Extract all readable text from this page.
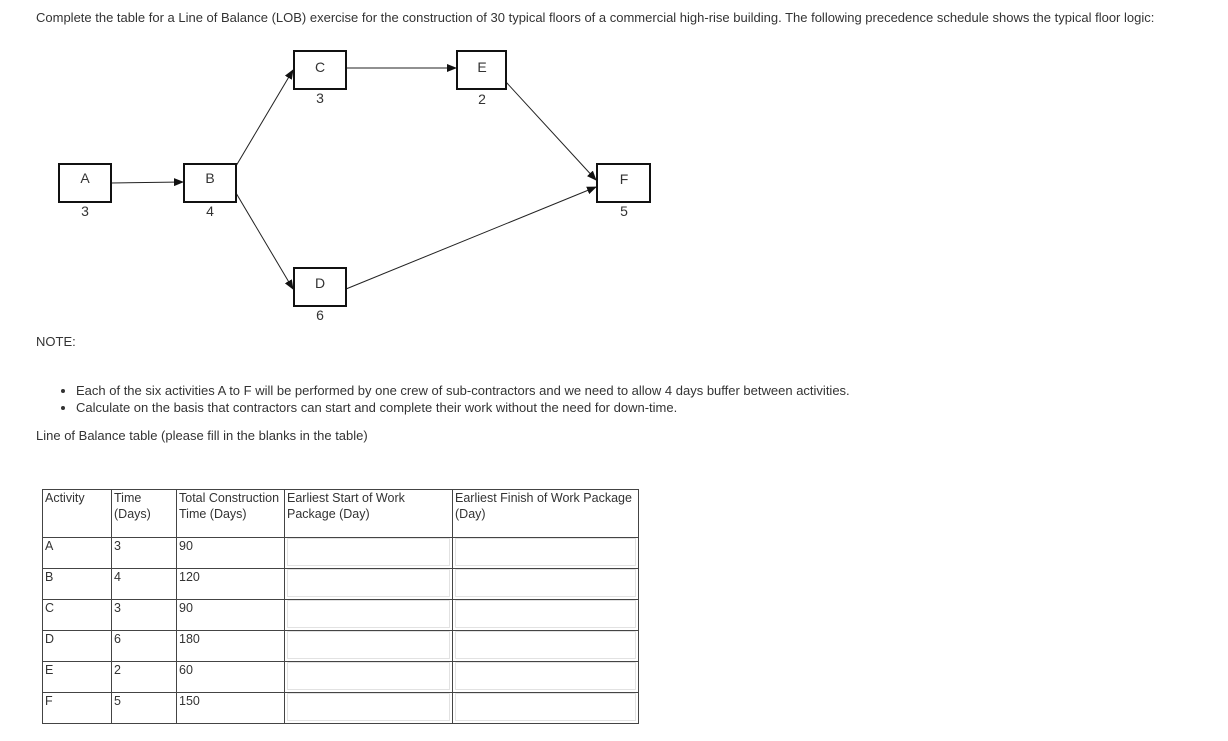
Complete the table for a Line of Balance (LOB) exercise for the construction of 30 typical floors of a commercial high-rise building. The following precedence schedule shows the typical floor logic:
A
3
B
4
C
3
E
2
D
6
F
5
NOTE:
• Each of the six activities A to F will be performed by one crew of sub-contractors and we need to allow 4 days buffer between activities.
• Calculate on the basis that contractors can start and complete their work without the need for down-time.
Line of Balance table (please fill in the blanks in the table)
Activity	Time (Days)	Total Construction Time (Days)	Earliest Start of Work Package (Day)	Earliest Finish of Work Package (Day)
A	3	90	

B	4	120	

C	3	90	

D	6	180	

E	2	60	

F	5	150	
